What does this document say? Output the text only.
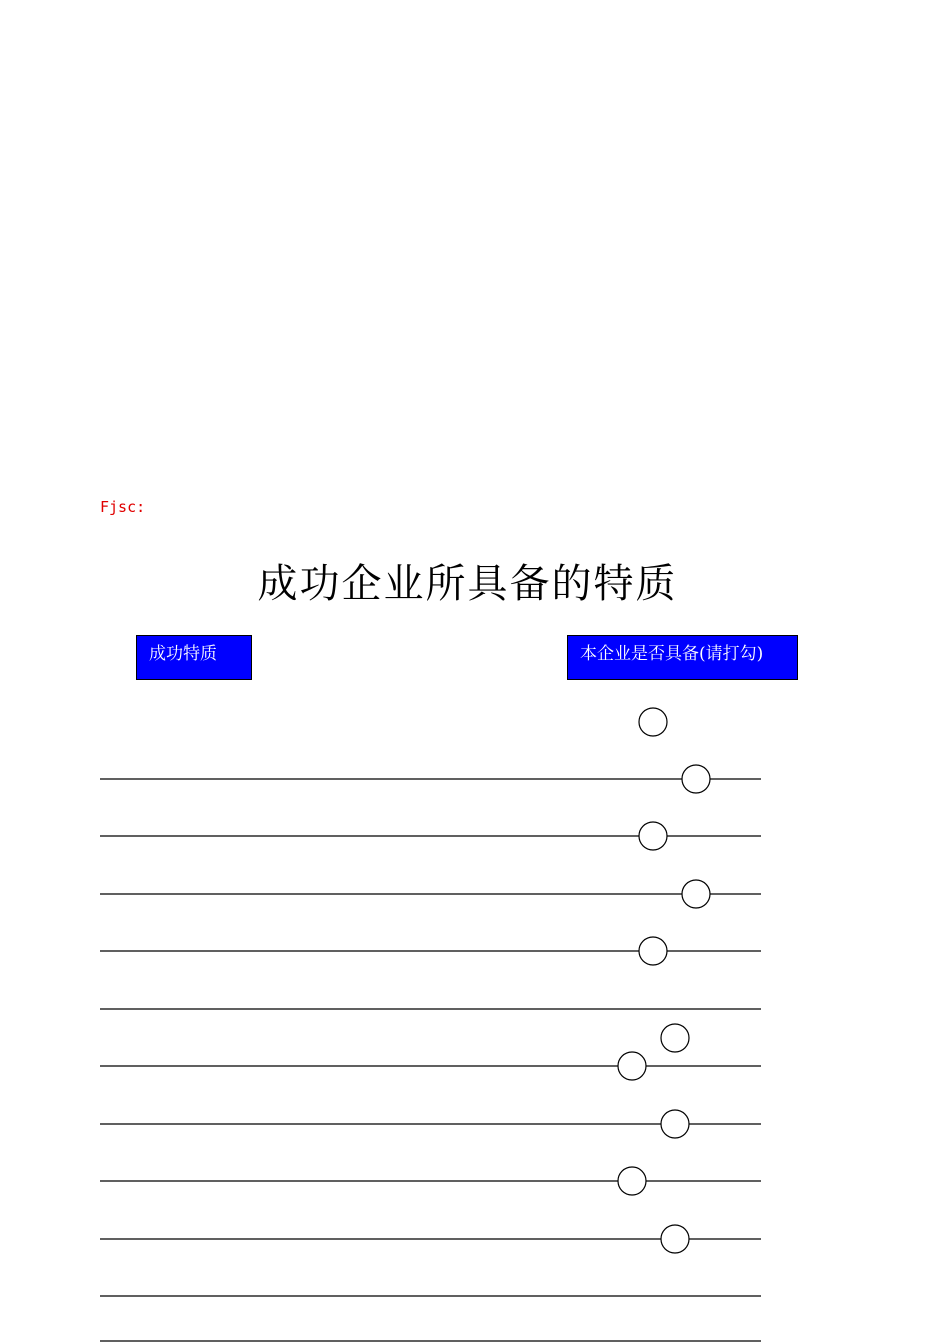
Fjsc:

成功企业所具备的特质
成功特质	本企业是否具备(请打勾)
